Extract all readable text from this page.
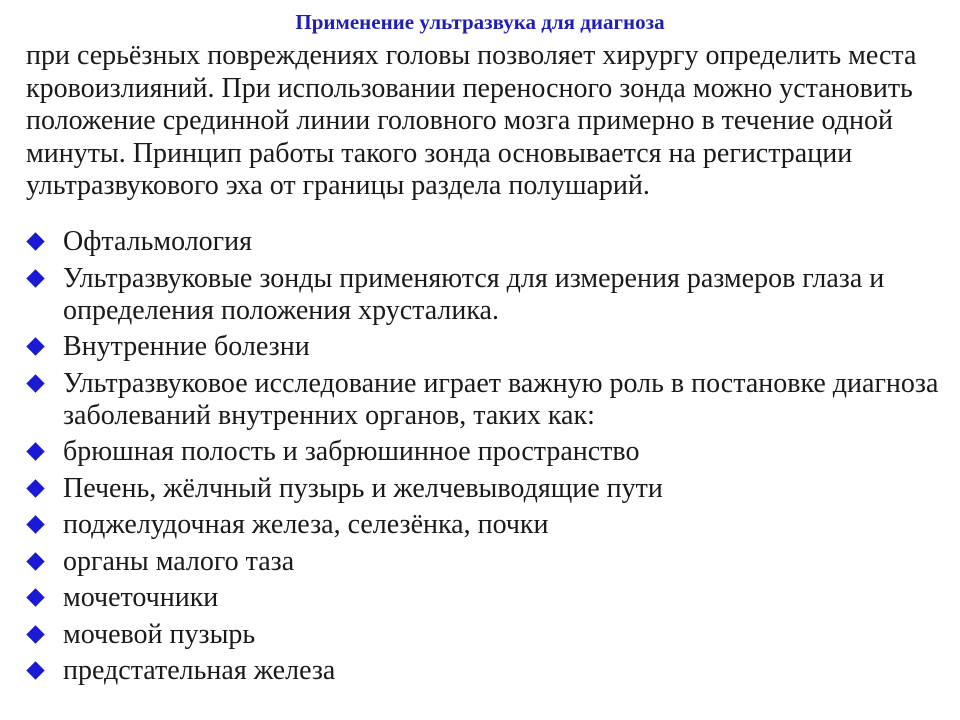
Применение ультразвука для диагноза

при серьёзных повреждениях головы позволяет хирургу определить места кровоизлияний. При использовании переносного зонда можно установить положение срединной линии головного мозга примерно в течение одной минуты. Принцип работы такого зонда основывается на регистрации ультразвукового эха от границы раздела полушарий.

Офтальмология
Ультразвуковые зонды применяются для измерения размеров глаза и определения положения хрусталика.
Внутренние болезни
Ультразвуковое исследование играет важную роль в постановке диагноза заболеваний внутренних органов, таких как:
брюшная полость и забрюшинное пространство
Печень, жёлчный пузырь и желчевыводящие пути
поджелудочная железа, селезёнка, почки
органы малого таза
мочеточники
мочевой пузырь
предстательная железа
